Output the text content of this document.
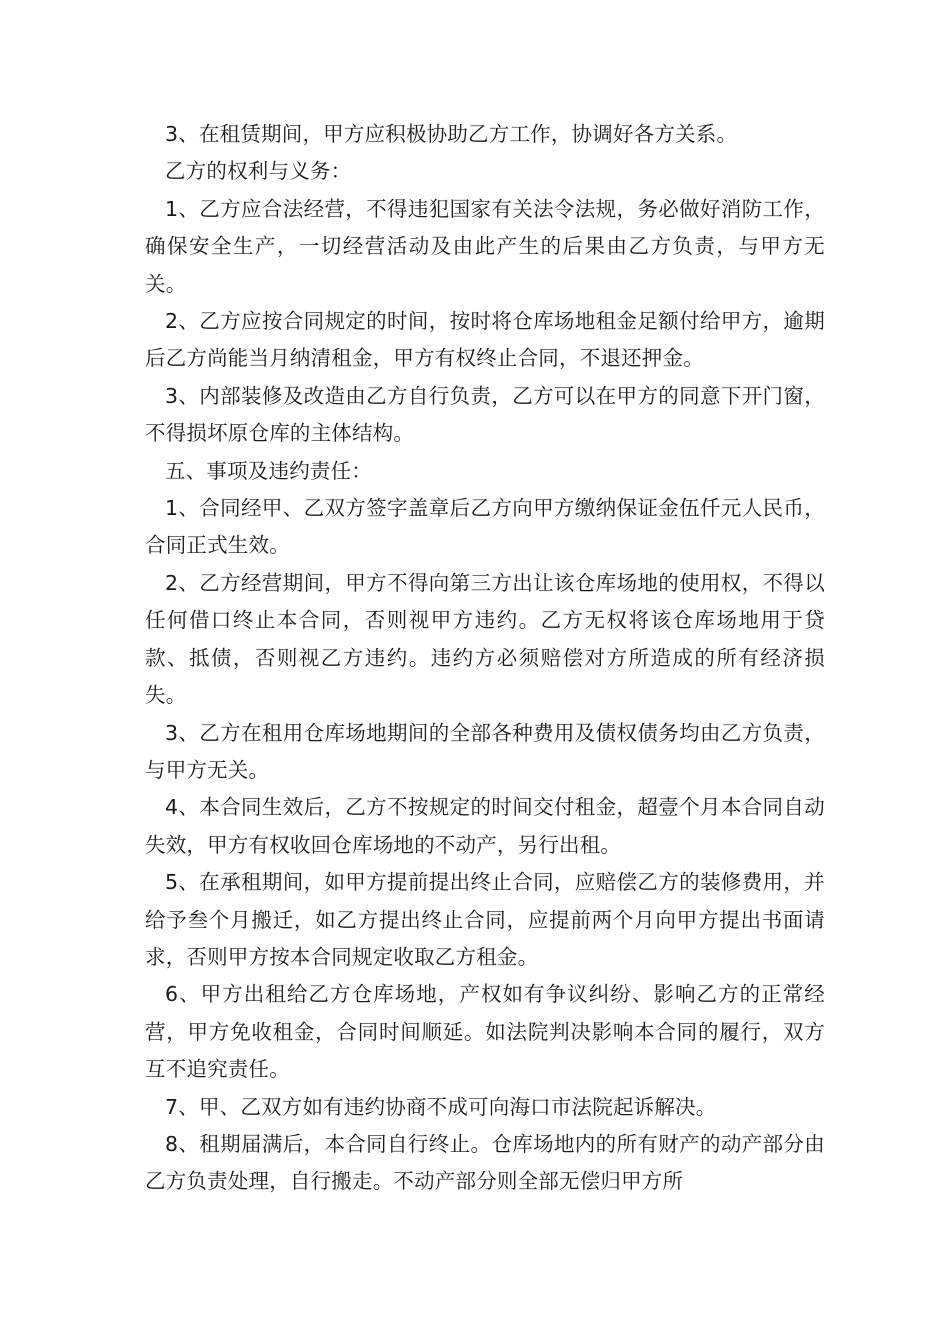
3、在租赁期间，甲方应积极协助乙方工作，协调好各方关系。

乙方的权利与义务：

1、乙方应合法经营，不得违犯国家有关法令法规，务必做好消防工作，确保安全生产，一切经营活动及由此产生的后果由乙方负责，与甲方无关。

2、乙方应按合同规定的时间，按时将仓库场地租金足额付给甲方，逾期后乙方尚能当月纳清租金，甲方有权终止合同，不退还押金。

3、内部装修及改造由乙方自行负责，乙方可以在甲方的同意下开门窗，不得损坏原仓库的主体结构。

五、事项及违约责任：

1、合同经甲、乙双方签字盖章后乙方向甲方缴纳保证金伍仟元人民币，合同正式生效。

2、乙方经营期间，甲方不得向第三方出让该仓库场地的使用权，不得以任何借口终止本合同，否则视甲方违约。乙方无权将该仓库场地用于贷款、抵债，否则视乙方违约。违约方必须赔偿对方所造成的所有经济损失。

3、乙方在租用仓库场地期间的全部各种费用及债权债务均由乙方负责，与甲方无关。

4、本合同生效后，乙方不按规定的时间交付租金，超壹个月本合同自动失效，甲方有权收回仓库场地的不动产，另行出租。

5、在承租期间，如甲方提前提出终止合同，应赔偿乙方的装修费用，并给予叁个月搬迁，如乙方提出终止合同，应提前两个月向甲方提出书面请求，否则甲方按本合同规定收取乙方租金。

6、甲方出租给乙方仓库场地，产权如有争议纠纷、影响乙方的正常经营，甲方免收租金，合同时间顺延。如法院判决影响本合同的履行，双方互不追究责任。

7、甲、乙双方如有违约协商不成可向海口市法院起诉解决。

8、租期届满后，本合同自行终止。仓库场地内的所有财产的动产部分由乙方负责处理，自行搬走。不动产部分则全部无偿归甲方所
